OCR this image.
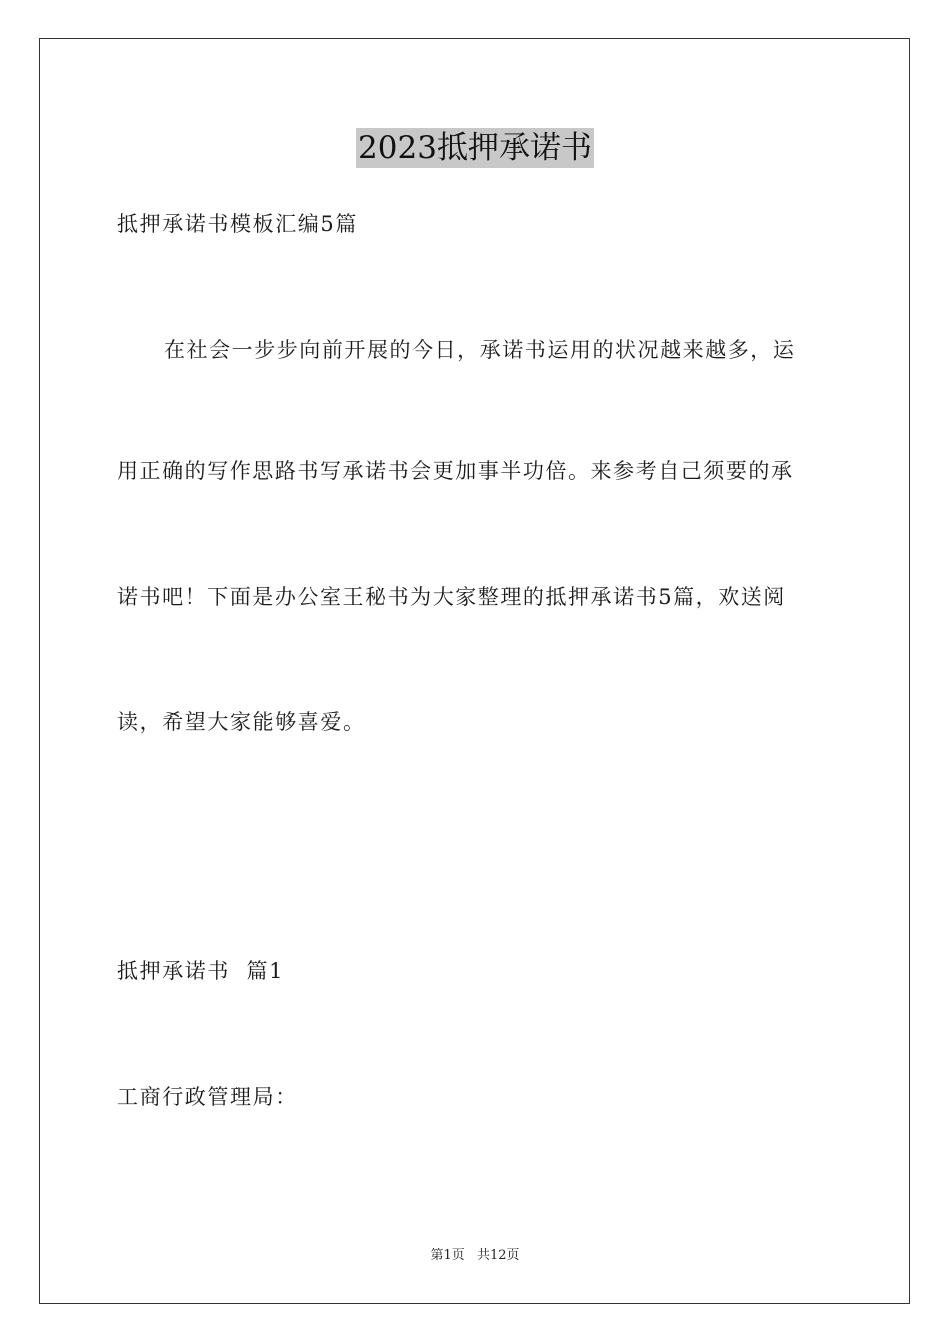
2023抵押承诺书
抵押承诺书模板汇编5篇
在社会一步步向前开展的今日，承诺书运用的状况越来越多，运
用正确的写作思路书写承诺书会更加事半功倍。来参考自己须要的承
诺书吧！下面是办公室王秘书为大家整理的抵押承诺书5篇，欢送阅
读，希望大家能够喜爱。
抵押承诺书  篇1
工商行政管理局：
第1页 共12页
